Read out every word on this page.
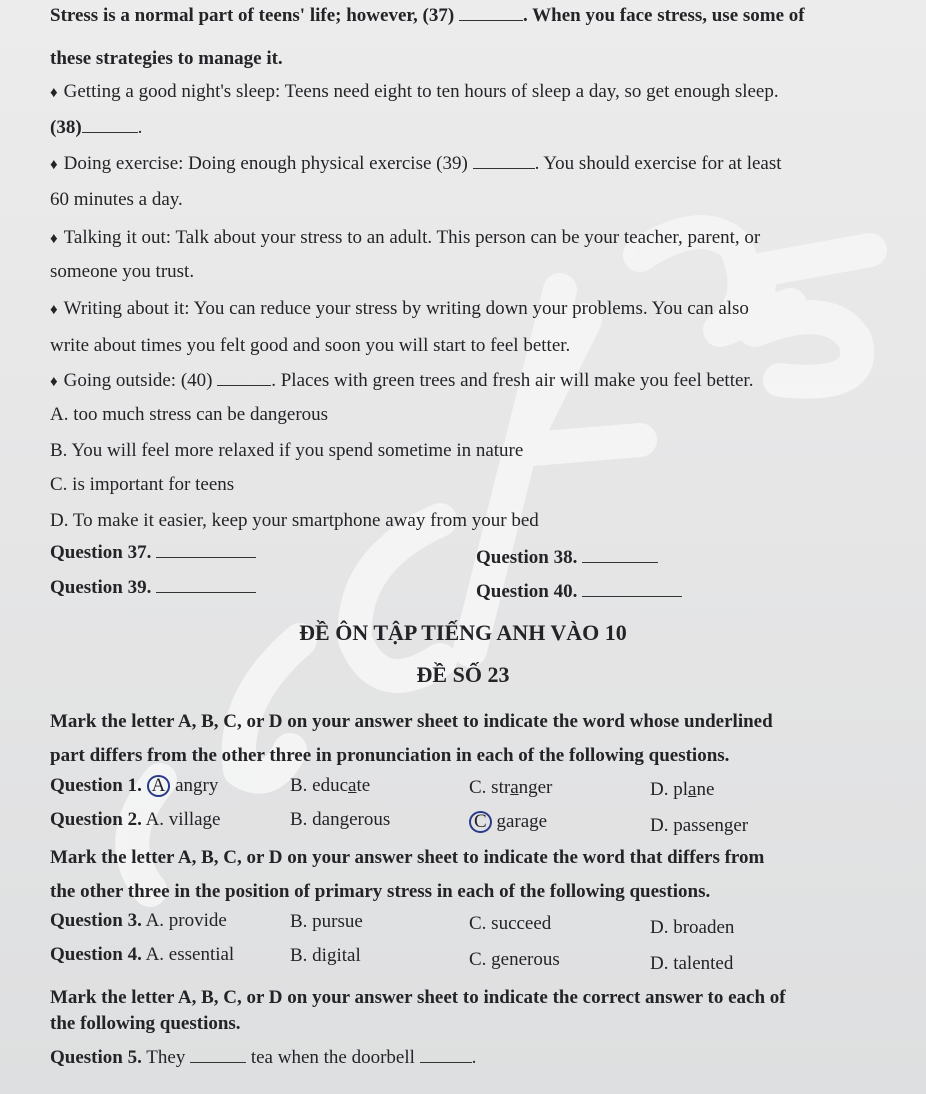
Stress is a normal part of teens' life; however, (37)	. When you face stress, use some of
these strategies to manage it.
♦ Getting a good night's sleep: Teens need eight to ten hours of sleep a day, so get enough sleep.
(38)	.
♦ Doing exercise: Doing enough physical exercise (39)	. You should exercise for at least
60 minutes a day.
♦ Talking it out: Talk about your stress to an adult. This person can be your teacher, parent, or
someone you trust.
♦ Writing about it: You can reduce your stress by writing down your problems. You can also
write about times you felt good and soon you will start to feel better.
♦ Going outside: (40)	. Places with green trees and fresh air will make you feel better.
A. too much stress can be dangerous
B. You will feel more relaxed if you spend sometime in nature
C. is important for teens
D. To make it easier, keep your smartphone away from your bed
Question 37.	Question 38.
Question 39.	Question 40.
ĐỀ ÔN TẬP TIẾNG ANH VÀO 10
ĐỀ SỐ 23
Mark the letter A, B, C, or D on your answer sheet to indicate the word whose underlined
part differs from the other three in pronunciation in each of the following questions.
Question 1. A angry	B. educate	C. stranger	D. plane
Question 2. A. village	B. dangerous	C garage	D. passenger
Mark the letter A, B, C, or D on your answer sheet to indicate the word that differs from
the other three in the position of primary stress in each of the following questions.
Question 3. A. provide	B. pursue	C. succeed	D. broaden
Question 4. A. essential	B. digital	C. generous	D. talented
Mark the letter A, B, C, or D on your answer sheet to indicate the correct answer to each of
the following questions.
Question 5. They	tea when the doorbell	.
